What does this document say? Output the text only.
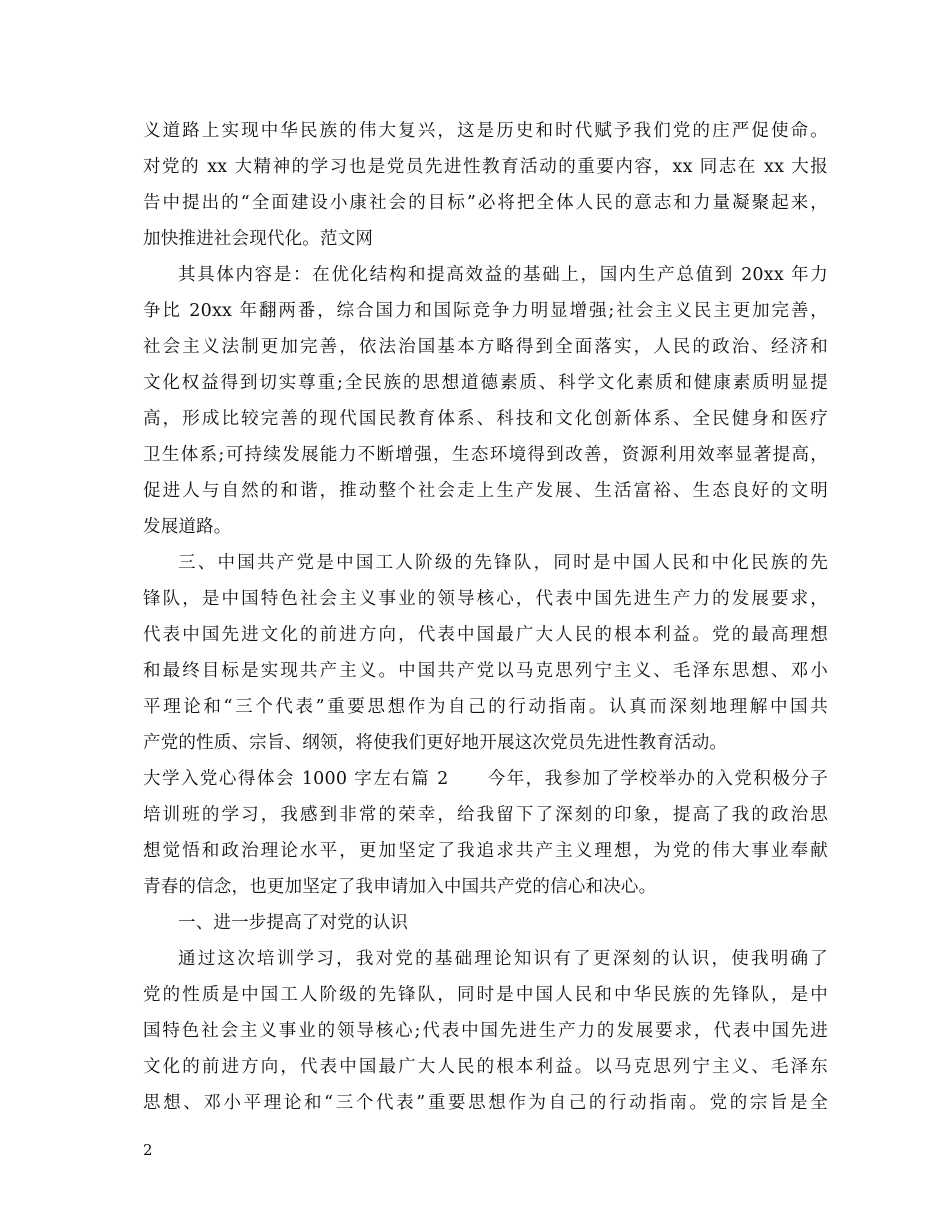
义道路上实现中华民族的伟大复兴，这是历史和时代赋予我们党的庄严促使命。
对党的 xx 大精神的学习也是党员先进性教育活动的重要内容，xx 同志在 xx 大报
告中提出的“全面建设小康社会的目标”必将把全体人民的意志和力量凝聚起来，
加快推进社会现代化。范文网
其具体内容是：在优化结构和提高效益的基础上，国内生产总值到 20xx 年力
争比 20xx 年翻两番，综合国力和国际竞争力明显增强;社会主义民主更加完善，
社会主义法制更加完善，依法治国基本方略得到全面落实，人民的政治、经济和
文化权益得到切实尊重;全民族的思想道德素质、科学文化素质和健康素质明显提
高，形成比较完善的现代国民教育体系、科技和文化创新体系、全民健身和医疗
卫生体系;可持续发展能力不断增强，生态环境得到改善，资源利用效率显著提高，
促进人与自然的和谐，推动整个社会走上生产发展、生活富裕、生态良好的文明
发展道路。
三、中国共产党是中国工人阶级的先锋队，同时是中国人民和中化民族的先
锋队，是中国特色社会主义事业的领导核心，代表中国先进生产力的发展要求，
代表中国先进文化的前进方向，代表中国最广大人民的根本利益。党的最高理想
和最终目标是实现共产主义。中国共产党以马克思列宁主义、毛泽东思想、邓小
平理论和“三个代表”重要思想作为自己的行动指南。认真而深刻地理解中国共
产党的性质、宗旨、纲领，将使我们更好地开展这次党员先进性教育活动。
大学入党心得体会 1000 字左右篇 2　　今年，我参加了学校举办的入党积极分子
培训班的学习，我感到非常的荣幸，给我留下了深刻的印象，提高了我的政治思
想觉悟和政治理论水平，更加坚定了我追求共产主义理想，为党的伟大事业奉献
青春的信念，也更加坚定了我申请加入中国共产党的信心和决心。
一、进一步提高了对党的认识
通过这次培训学习，我对党的基础理论知识有了更深刻的认识，使我明确了
党的性质是中国工人阶级的先锋队，同时是中国人民和中华民族的先锋队，是中
国特色社会主义事业的领导核心;代表中国先进生产力的发展要求，代表中国先进
文化的前进方向，代表中国最广大人民的根本利益。以马克思列宁主义、毛泽东
思想、邓小平理论和“三个代表”重要思想作为自己的行动指南。党的宗旨是全
2
